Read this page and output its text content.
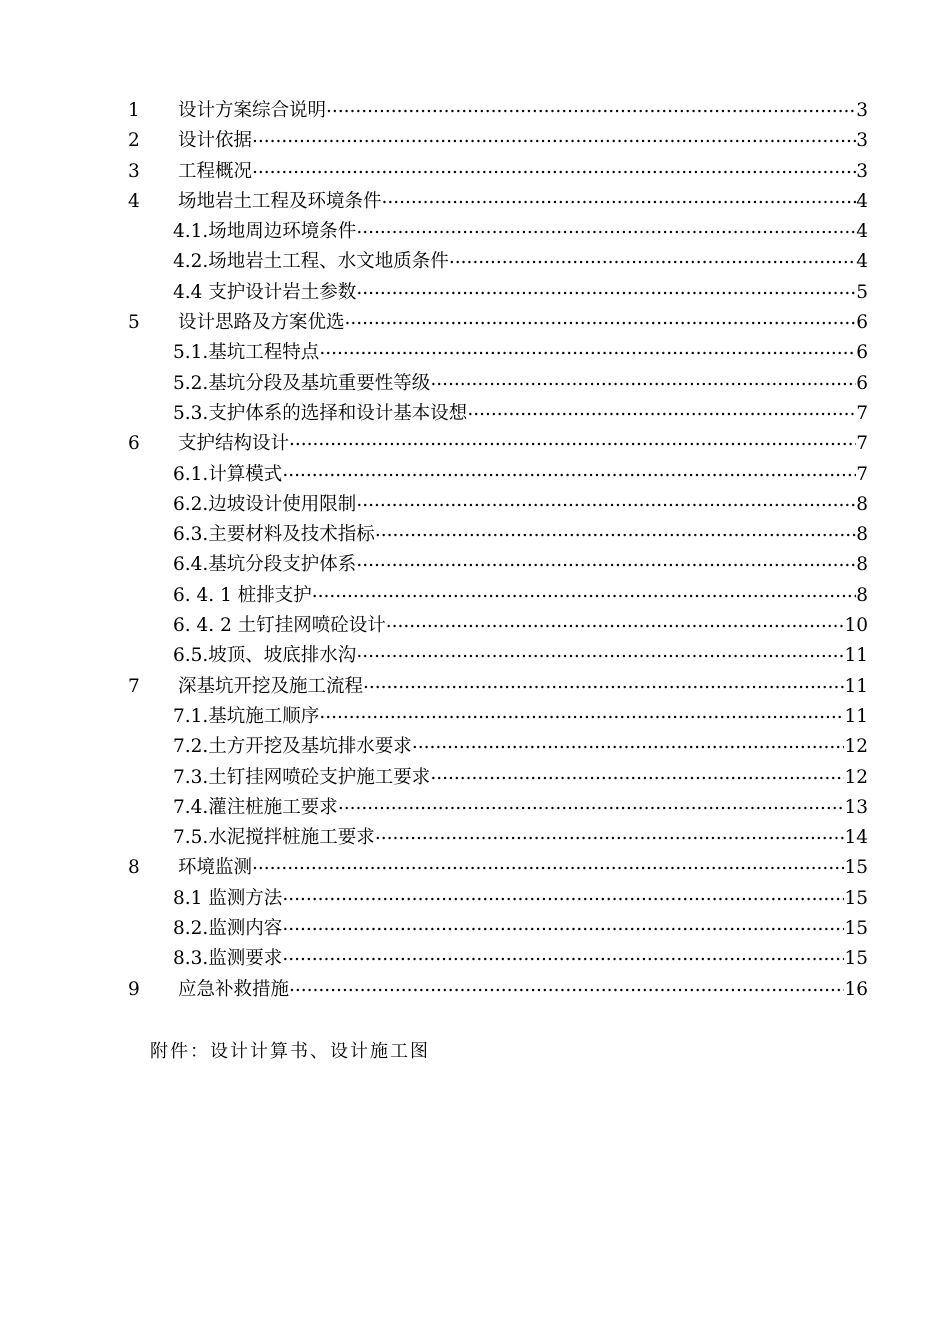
1	设计方案综合说明 .....	3
2	设计依据 .....	3
3	工程概况 .....	3
4	场地岩土工程及环境条件 .....	4
4.1.场地周边环境条件 .....	4
4.2.场地岩土工程、水文地质条件 .....	4
4.4 支护设计岩土参数 .....	5
5	设计思路及方案优选 .....	6
5.1.基坑工程特点 .....	6
5.2.基坑分段及基坑重要性等级 .....	6
5.3.支护体系的选择和设计基本设想 .....	7
6	支护结构设计 .....	7
6.1.计算模式 .....	7
6.2.边坡设计使用限制 .....	8
6.3.主要材料及技术指标 .....	8
6.4.基坑分段支护体系 .....	8
6. 4. 1 桩排支护 .....	8
6. 4. 2 土钉挂网喷砼设计 .....	10
6.5.坡顶、坡底排水沟 .....	11
7	深基坑开挖及施工流程 .....	11
7.1.基坑施工顺序 .....	11
7.2.土方开挖及基坑排水要求 .....	12
7.3.土钉挂网喷砼支护施工要求 .....	12
7.4.灌注桩施工要求 .....	13
7.5.水泥搅拌桩施工要求 .....	14
8	环境监测 .....	15
8.1 监测方法 .....	15
8.2.监测内容 .....	15
8.3.监测要求 .....	15
9	应急补救措施 .....	16
附件：设计计算书、设计施工图
